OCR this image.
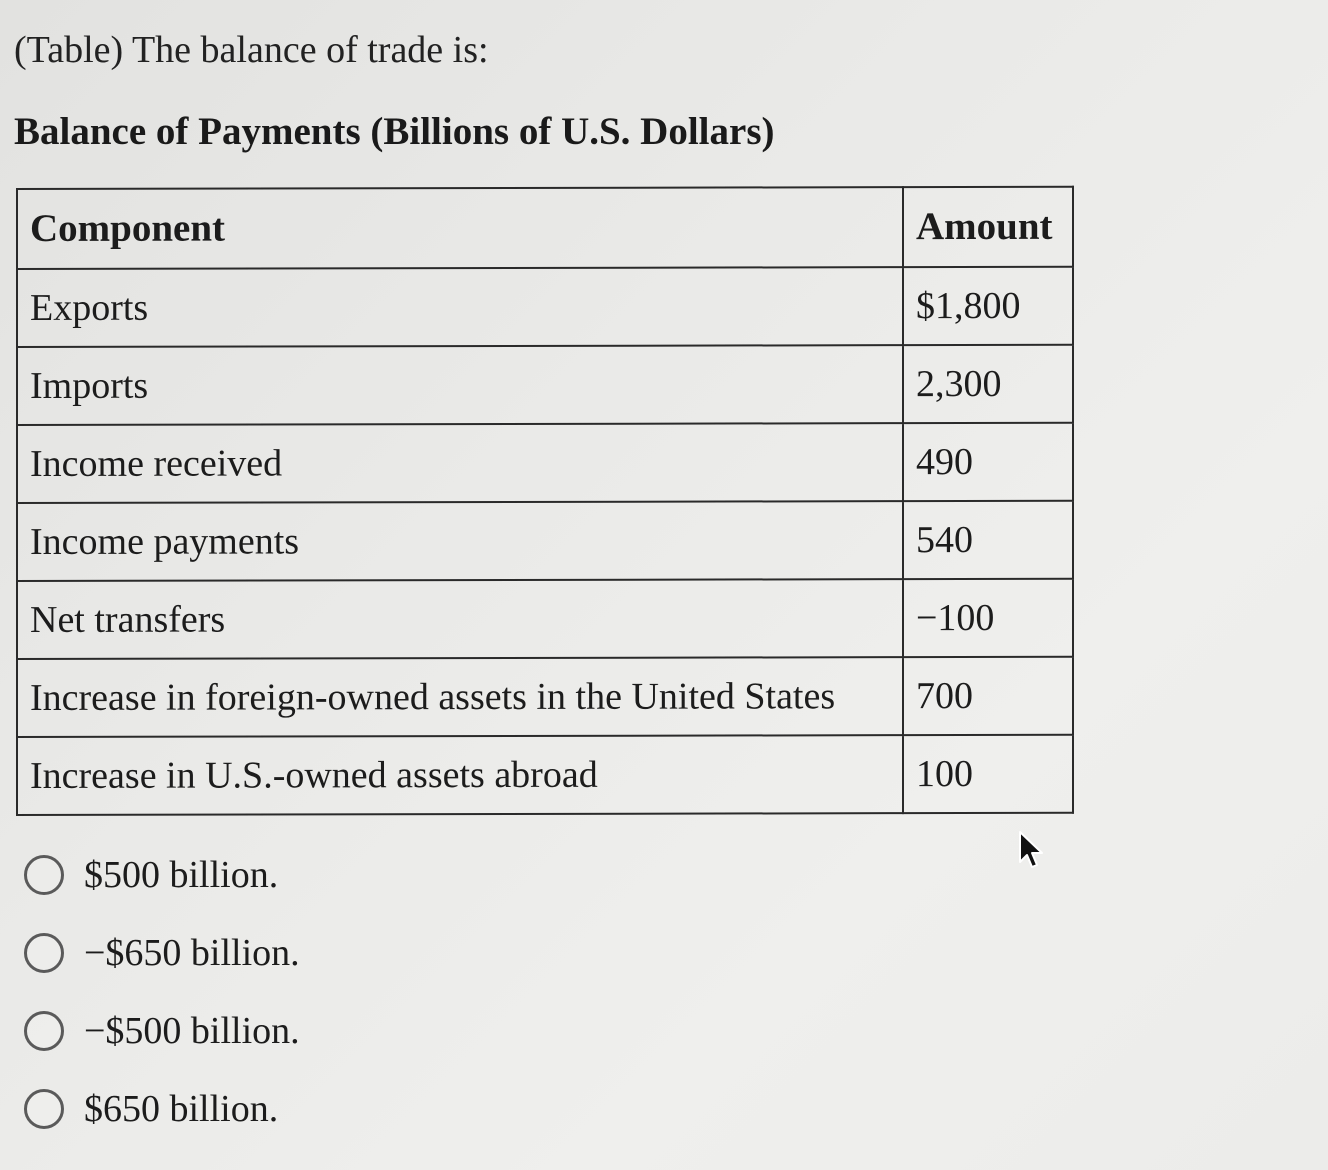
(Table) The balance of trade is:
Balance of Payments (Billions of U.S. Dollars)
Component	Amount
Exports	$1,800
Imports	2,300
Income received	490
Income payments	540
Net transfers	−100
Increase in foreign-owned assets in the United States	700
Increase in U.S.-owned assets abroad	100
$500 billion.
−$650 billion.
−$500 billion.
$650 billion.
